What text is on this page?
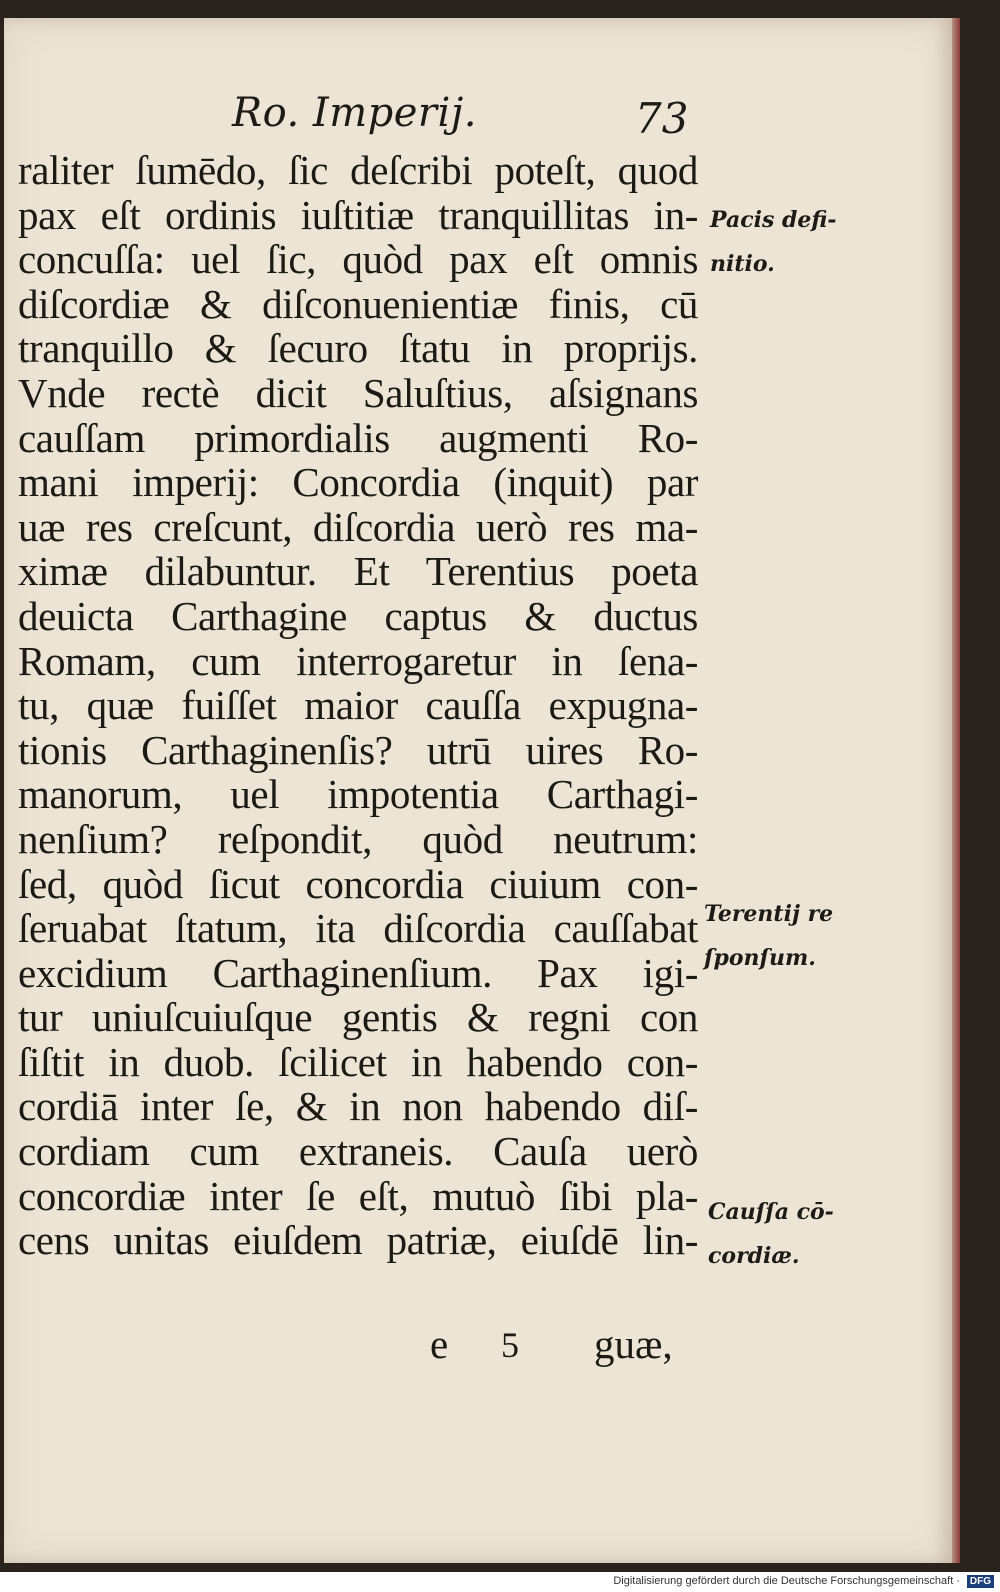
Ro. Imperij.	73
raliter ſumēdo, ſic deſcribi poteſt, quod
pax eſt ordinis iuſtitiæ tranquillitas in-
concuſſa: uel ſic, quòd pax eſt omnis
diſcordiæ & diſconuenientiæ finis, cū
tranquillo & ſecuro ſtatu in proprijs.
Vnde rectè dicit Saluſtius, aſsignans
cauſſam primordialis augmenti Ro-
mani imperij: Concordia (inquit) par
uæ res creſcunt, diſcordia uerò res ma-
ximæ dilabuntur. Et Terentius poeta
deuicta Carthagine captus & ductus
Romam, cum interrogaretur in ſena-
tu, quæ fuiſſet maior cauſſa expugna-
tionis Carthaginenſis? utrū uires Ro-
manorum, uel impotentia Carthagi-
nenſium? reſpondit, quòd neutrum:
ſed, quòd ſicut concordia ciuium con-
ſeruabat ſtatum, ita diſcordia cauſſabat
excidium Carthaginenſium. Pax igi-
tur uniuſcuiuſque gentis & regni con
ſiſtit in duob. ſcilicet in habendo con-
cordiā inter ſe, & in non habendo diſ-
cordiam cum extraneis. Cauſa uerò
concordiæ inter ſe eſt, mutuò ſibi pla-
cens unitas eiuſdem patriæ, eiuſdē lin-
e 5 guæ,
Pacis defi-
nitio.
Terentij re
ſponſum.
Cauſſa cō-
cordiæ.
Digitalisierung gefördert durch die Deutsche Forschungsgemeinschaft · DFG
